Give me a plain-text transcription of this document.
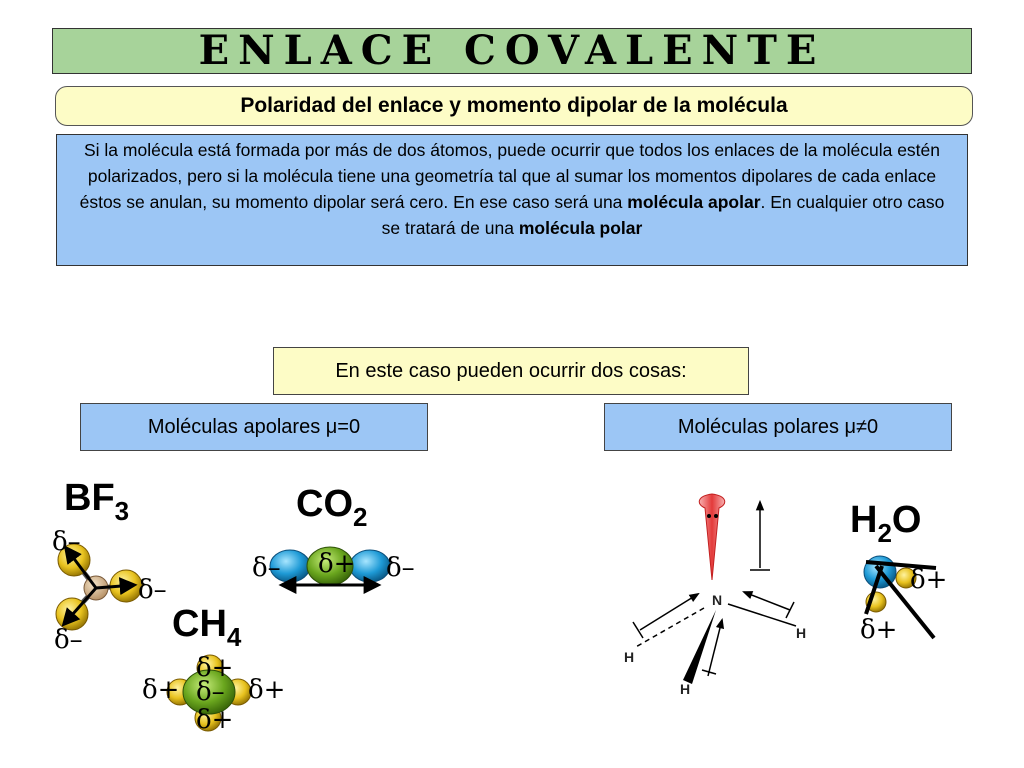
ENLACE COVALENTE
Polaridad del enlace y momento dipolar de la molécula
Si la molécula está formada por más de dos átomos, puede ocurrir que todos los enlaces de la molécula estén polarizados, pero si la molécula tiene una geometría tal que al sumar los momentos dipolares de cada enlace éstos se anulan, su momento dipolar será cero. En ese caso será una molécula apolar. En cualquier otro caso se tratará de una molécula polar
En este caso pueden ocurrir dos cosas:
Moléculas apolares μ=0	Moléculas polares μ≠0
$BF_3$
δ–
δ–
δ–
$CO_2$
δ– δ+ δ–
$CH_4$
δ+
δ+ δ– δ+
δ+
N
H
H
H
$H_2O$
δ+
δ+
